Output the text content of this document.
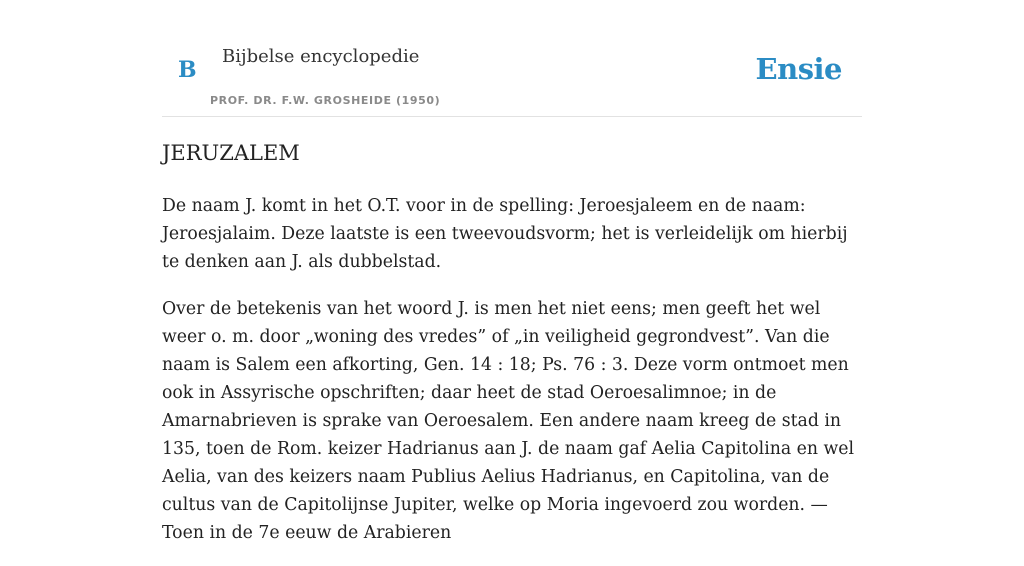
B
Bijbelse encyclopedie
PROF. DR. F.W. GROSHEIDE (1950)
Ensie
JERUZALEM

De naam J. komt in het O.T. voor in de spelling: Jeroesjaleem en de naam: Jeroesjalaim. Deze laatste is een tweevoudsvorm; het is verleidelijk om hierbij te denken aan J. als dubbelstad.

Over de betekenis van het woord J. is men het niet eens; men geeft het wel weer o. m. door „woning des vredes” of „in veiligheid gegrondvest”. Van die naam is Salem een afkorting, Gen. 14 : 18; Ps. 76 : 3. Deze vorm ontmoet men ook in Assyrische opschriften; daar heet de stad Oeroesalimnoe; in de Amarnabrieven is sprake van Oeroesalem. Een andere naam kreeg de stad in 135, toen de Rom. keizer Hadrianus aan J. de naam gaf Aelia Capitolina en wel Aelia, van des keizers naam Publius Aelius Hadrianus, en Capitolina, van de cultus van de Capitolijnse Jupiter, welke op Moria ingevoerd zou worden. — Toen in de 7e eeuw de Arabieren
